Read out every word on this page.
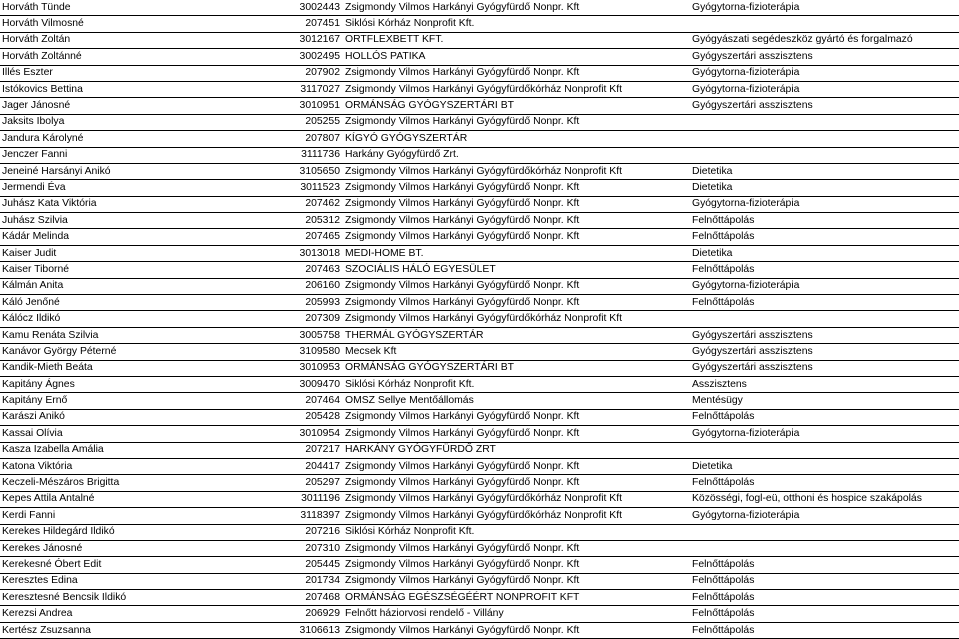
Horváth Tünde	3002443	Zsigmondy Vilmos Harkányi Gyógyfürdő Nonpr. Kft	Gyógytorna-fizioterápia
Horváth Vilmosné	207451	Siklósi Kórház Nonprofit Kft.	
Horváth Zoltán	3012167	ORTFLEXBETT KFT.	Gyógyászati segédeszköz gyártó és forgalmazó
Horváth Zoltánné	3002495	HOLLÓS PATIKA	Gyógyszertári asszisztens
Illés Eszter	207902	Zsigmondy Vilmos Harkányi Gyógyfürdő Nonpr. Kft	Gyógytorna-fizioterápia
Istókovics Bettina	3117027	Zsigmondy Vilmos Harkányi Gyógyfürdőkórház Nonprofit Kft	Gyógytorna-fizioterápia
Jager Jánosné	3010951	ORMÁNSÁG GYÓGYSZERTÁRI BT	Gyógyszertári asszisztens
Jaksits Ibolya	205255	Zsigmondy Vilmos Harkányi Gyógyfürdő Nonpr. Kft	
Jandura Károlyné	207807	KÍGYÓ GYÓGYSZERTÁR	
Jenczer Fanni	3111736	Harkány Gyógyfürdő Zrt.	
Jeneiné Harsányi Anikó	3105650	Zsigmondy Vilmos Harkányi Gyógyfürdőkórház Nonprofit Kft	Dietetika
Jermendi Éva	3011523	Zsigmondy Vilmos Harkányi Gyógyfürdő Nonpr. Kft	Dietetika
Juhász Kata Viktória	207462	Zsigmondy Vilmos Harkányi Gyógyfürdő Nonpr. Kft	Gyógytorna-fizioterápia
Juhász Szilvia	205312	Zsigmondy Vilmos Harkányi Gyógyfürdő Nonpr. Kft	Felnőttápolás
Kádár Melinda	207465	Zsigmondy Vilmos Harkányi Gyógyfürdő Nonpr. Kft	Felnőttápolás
Kaiser Judit	3013018	MEDI-HOME BT.	Dietetika
Kaiser Tiborné	207463	SZOCIÁLIS HÁLÓ EGYESÜLET	Felnőttápolás
Kálmán Anita	206160	Zsigmondy Vilmos Harkányi Gyógyfürdő Nonpr. Kft	Gyógytorna-fizioterápia
Káló Jenőné	205993	Zsigmondy Vilmos Harkányi Gyógyfürdő Nonpr. Kft	Felnőttápolás
Kálócz Ildikó	207309	Zsigmondy Vilmos Harkányi Gyógyfürdőkórház Nonprofit Kft	
Kamu Renáta Szilvia	3005758	THERMÁL GYÓGYSZERTÁR	Gyógyszertári asszisztens
Kanávor György Péterné	3109580	Mecsek Kft	Gyógyszertári asszisztens
Kandik-Mieth Beáta	3010953	ORMÁNSÁG GYÓGYSZERTÁRI BT	Gyógyszertári asszisztens
Kapitány Ágnes	3009470	Siklósi Kórház Nonprofit Kft.	Asszisztens
Kapitány Ernő	207464	OMSZ Sellye Mentőállomás	Mentésügy
Karászi Anikó	205428	Zsigmondy Vilmos Harkányi Gyógyfürdő Nonpr. Kft	Felnőttápolás
Kassai Olívia	3010954	Zsigmondy Vilmos Harkányi Gyógyfürdő Nonpr. Kft	Gyógytorna-fizioterápia
Kasza Izabella Amália	207217	HARKÁNY GYÓGYFÜRDŐ ZRT	
Katona Viktória	204417	Zsigmondy Vilmos Harkányi Gyógyfürdő Nonpr. Kft	Dietetika
Keczeli-Mészáros Brigitta	205297	Zsigmondy Vilmos Harkányi Gyógyfürdő Nonpr. Kft	Felnőttápolás
Kepes Attila Antalné	3011196	Zsigmondy Vilmos Harkányi Gyógyfürdőkórház Nonprofit Kft	Közösségi, fogl-eü, otthoni és hospice szakápolás
Kerdi Fanni	3118397	Zsigmondy Vilmos Harkányi Gyógyfürdőkórház Nonprofit Kft	Gyógytorna-fizioterápia
Kerekes Hildegárd Ildikó	207216	Siklósi Kórház Nonprofit Kft.	
Kerekes Jánosné	207310	Zsigmondy Vilmos Harkányi Gyógyfürdő Nonpr. Kft	
Kerekesné Óbert Edit	205445	Zsigmondy Vilmos Harkányi Gyógyfürdő Nonpr. Kft	Felnőttápolás
Keresztes Edina	201734	Zsigmondy Vilmos Harkányi Gyógyfürdő Nonpr. Kft	Felnőttápolás
Keresztesné Bencsik Ildikó	207468	ORMÁNSÁG EGÉSZSÉGÉÉRT NONPROFIT KFT	Felnőttápolás
Kerezsi Andrea	206929	Felnőtt háziorvosi rendelő - Villány	Felnőttápolás
Kertész Zsuzsanna	3106613	Zsigmondy Vilmos Harkányi Gyógyfürdő Nonpr. Kft	Felnőttápolás
